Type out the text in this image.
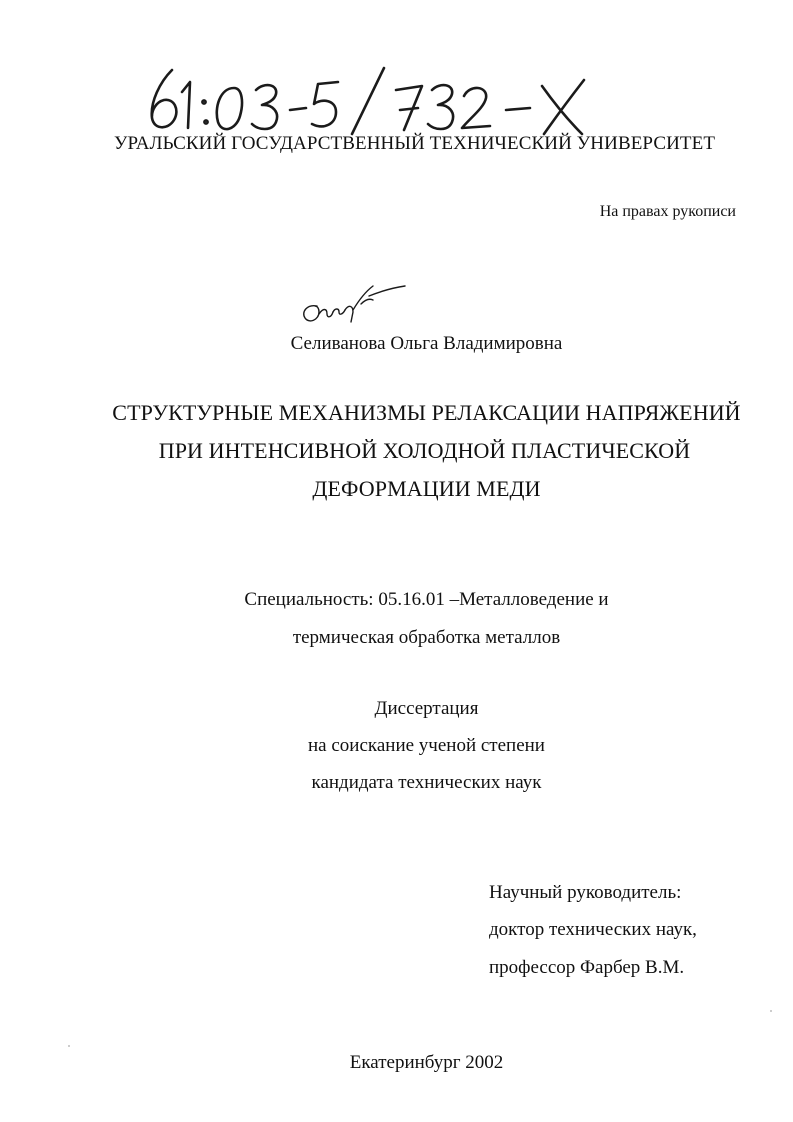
УРАЛЬСКИЙ ГОСУДАРСТВЕННЫЙ ТЕХНИЧЕСКИЙ УНИВЕРСИТЕТ
На правах рукописи
Селиванова Ольга Владимировна
СТРУКТУРНЫЕ МЕХАНИЗМЫ РЕЛАКСАЦИИ НАПРЯЖЕНИЙ
ПРИ ИНТЕНСИВНОЙ ХОЛОДНОЙ ПЛАСТИЧЕСКОЙ
ДЕФОРМАЦИИ МЕДИ
Специальность: 05.16.01 –Металловедение и
термическая обработка металлов
Диссертация
на соискание ученой степени
кандидата технических наук
Научный руководитель:
доктор технических наук,
профессор Фарбер В.М.
Екатеринбург 2002
